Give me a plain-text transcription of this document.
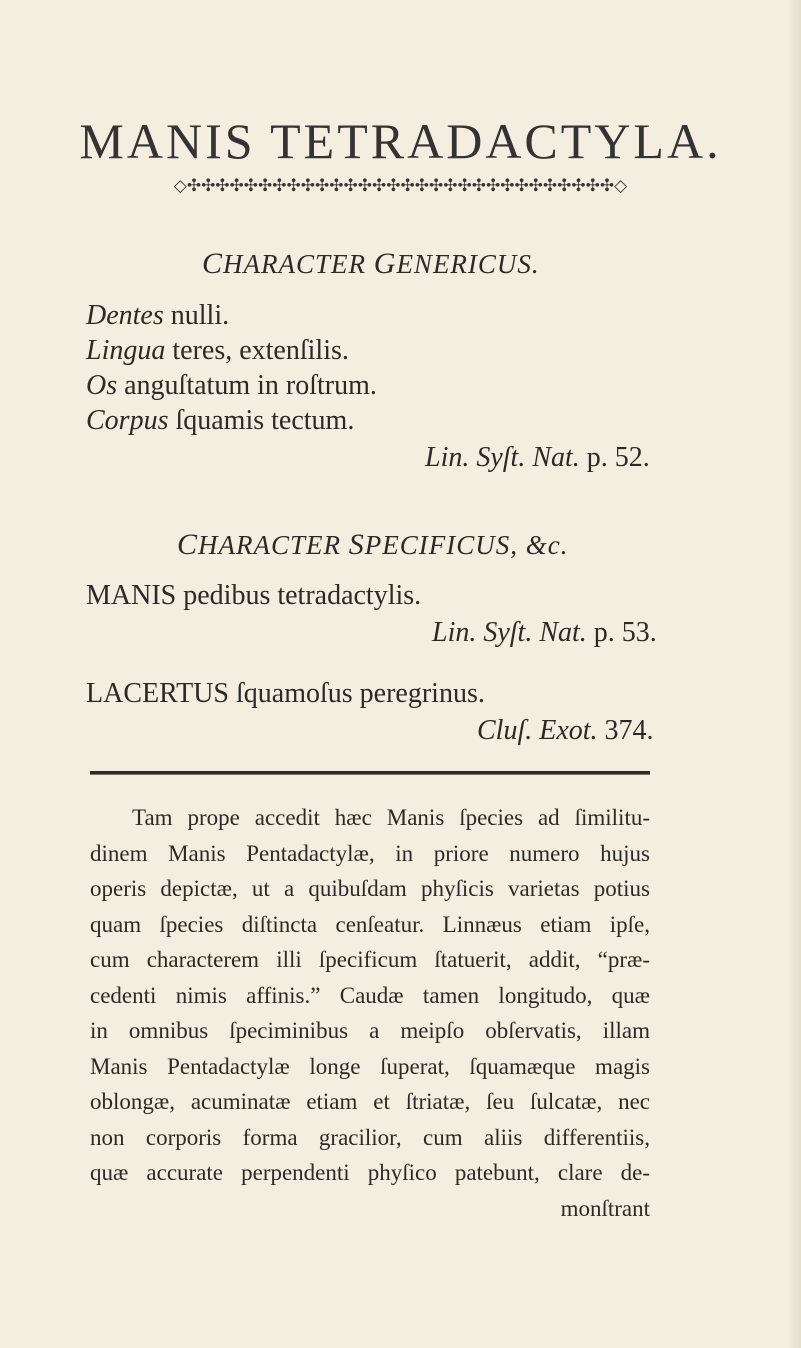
MANIS TETRADACTYLA.
◇✣✣✣✣✣✣✣✣✣✣✣✣✣✣✣✣✣✣✣✣✣✣✣✣✣✣✣✣✣✣◇
CHARACTER GENERICUS.
Dentes nulli.
Lingua teres, extenſilis.
Os anguſtatum in roſtrum.
Corpus ſquamis tectum.
Lin. Syſt. Nat. p. 52.
CHARACTER SPECIFICUS, &c.
MANIS pedibus tetradactylis.
Lin. Syſt. Nat. p. 53.
LACERTUS ſquamoſus peregrinus.
Cluſ. Exot. 374.
Tam prope accedit hæc Manis ſpecies ad ſimilitu-
dinem Manis Pentadactylæ, in priore numero hujus
operis depictæ, ut a quibuſdam phyſicis varietas potius
quam ſpecies diſtincta cenſeatur. Linnæus etiam ipſe,
cum characterem illi ſpecificum ſtatuerit, addit, “præ-
cedenti nimis affinis.” Caudæ tamen longitudo, quæ
in omnibus ſpeciminibus a meipſo obſervatis, illam
Manis Pentadactylæ longe ſuperat, ſquamæque magis
oblongæ, acuminatæ etiam et ſtriatæ, ſeu ſulcatæ, nec
non corporis forma gracilior, cum aliis differentiis,
quæ accurate perpendenti phyſico patebunt, clare de-
monſtrant
